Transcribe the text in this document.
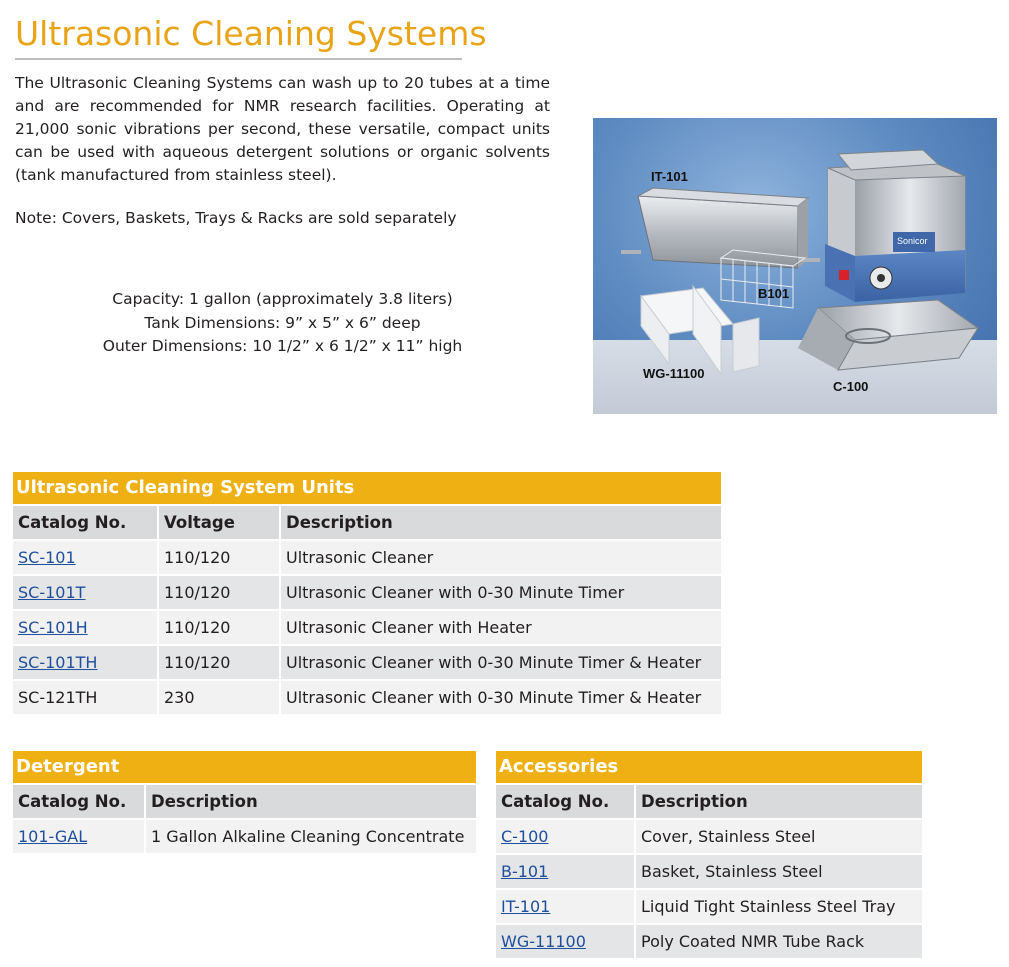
Ultrasonic Cleaning Systems

The Ultrasonic Cleaning Systems can wash up to 20 tubes at a time and are recommended for NMR research facilities. Operating at 21,000 sonic vibrations per second, these versatile, compact units can be used with aqueous detergent solutions or organic solvents (tank manufactured from stainless steel).

Note: Covers, Baskets, Trays & Racks are sold separately

Capacity: 1 gallon (approximately 3.8 liters)
Tank Dimensions: 9” x 5” x 6” deep
Outer Dimensions: 10 1/2” x 6 1/2” x 11” high
IT-101
B101
WG-11100
C-100
Sonicor
Ultrasonic Cleaning System Units
Catalog No.	Voltage	Description
SC-101	110/120	Ultrasonic Cleaner
SC-101T	110/120	Ultrasonic Cleaner with 0-30 Minute Timer
SC-101H	110/120	Ultrasonic Cleaner with Heater
SC-101TH	110/120	Ultrasonic Cleaner with 0-30 Minute Timer & Heater
SC-121TH	230	Ultrasonic Cleaner with 0-30 Minute Timer & Heater
Detergent
Catalog No.	Description
101-GAL	1 Gallon Alkaline Cleaning Concentrate
Accessories
Catalog No.	Description
C-100	Cover, Stainless Steel
B-101	Basket, Stainless Steel
IT-101	Liquid Tight Stainless Steel Tray
WG-11100	Poly Coated NMR Tube Rack
